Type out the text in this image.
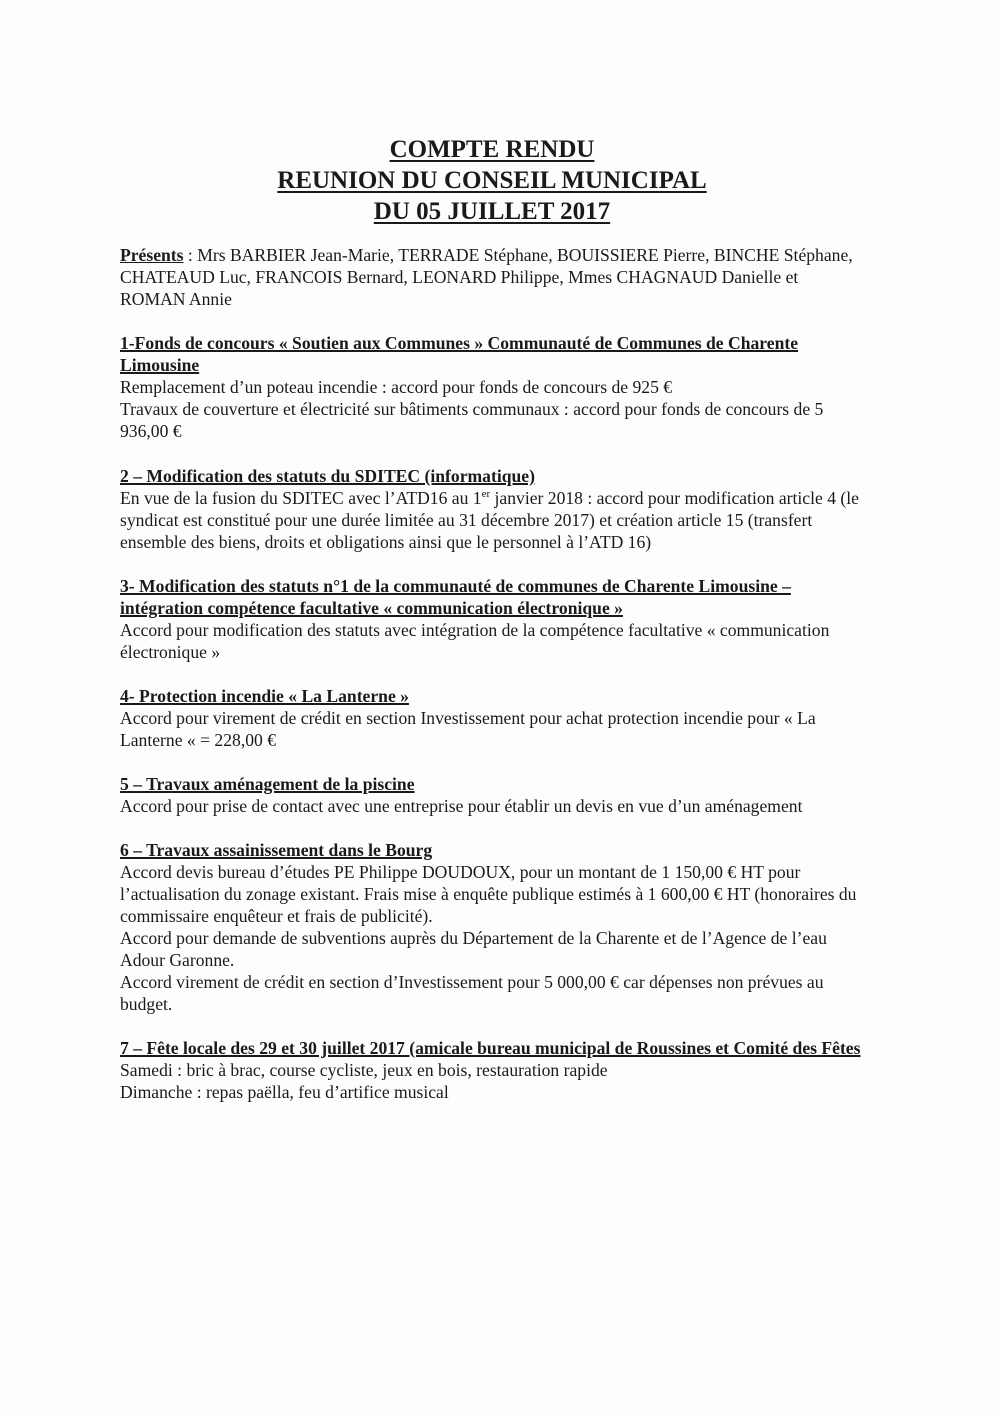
COMPTE RENDU
REUNION DU CONSEIL MUNICIPAL
DU 05 JUILLET 2017

Présents : Mrs BARBIER Jean-Marie, TERRADE Stéphane, BOUISSIERE Pierre, BINCHE Stéphane, CHATEAUD Luc, FRANCOIS Bernard, LEONARD Philippe, Mmes CHAGNAUD Danielle et ROMAN Annie

1-Fonds de concours « Soutien aux Communes » Communauté de Communes de Charente Limousine

Remplacement d’un poteau incendie : accord pour fonds de concours de 925 €

Travaux de couverture et électricité sur bâtiments communaux : accord pour fonds de concours de 5 936,00 €

2 – Modification des statuts du SDITEC (informatique)

En vue de la fusion du SDITEC avec l’ATD16 au 1er janvier 2018 : accord pour modification article 4 (le syndicat est constitué pour une durée limitée au 31 décembre 2017) et création article 15 (transfert ensemble des biens, droits et obligations ainsi que le personnel à l’ATD 16)

3- Modification des statuts n°1 de la communauté de communes de Charente Limousine – intégration compétence facultative « communication électronique »

Accord pour modification des statuts avec intégration de la compétence facultative « communication électronique »

4- Protection incendie « La Lanterne »

Accord pour virement de crédit en section Investissement pour achat protection incendie pour « La Lanterne « = 228,00 €

5 – Travaux aménagement de la piscine

Accord pour prise de contact avec une entreprise pour établir un devis en vue d’un aménagement

6 – Travaux assainissement dans le Bourg

Accord devis bureau d’études PE Philippe DOUDOUX, pour un montant de 1 150,00 € HT pour l’actualisation du zonage existant. Frais mise à enquête publique estimés à 1 600,00 € HT (honoraires du commissaire enquêteur et frais de publicité).

Accord pour demande de subventions auprès du Département de la Charente et de l’Agence de l’eau Adour Garonne.

Accord virement de crédit en section d’Investissement pour 5 000,00 € car dépenses non prévues au budget.

7 – Fête locale des 29 et 30 juillet 2017 (amicale bureau municipal de Roussines et Comité des Fêtes

Samedi : bric à brac, course cycliste, jeux en bois, restauration rapide

Dimanche : repas paëlla, feu d’artifice musical
